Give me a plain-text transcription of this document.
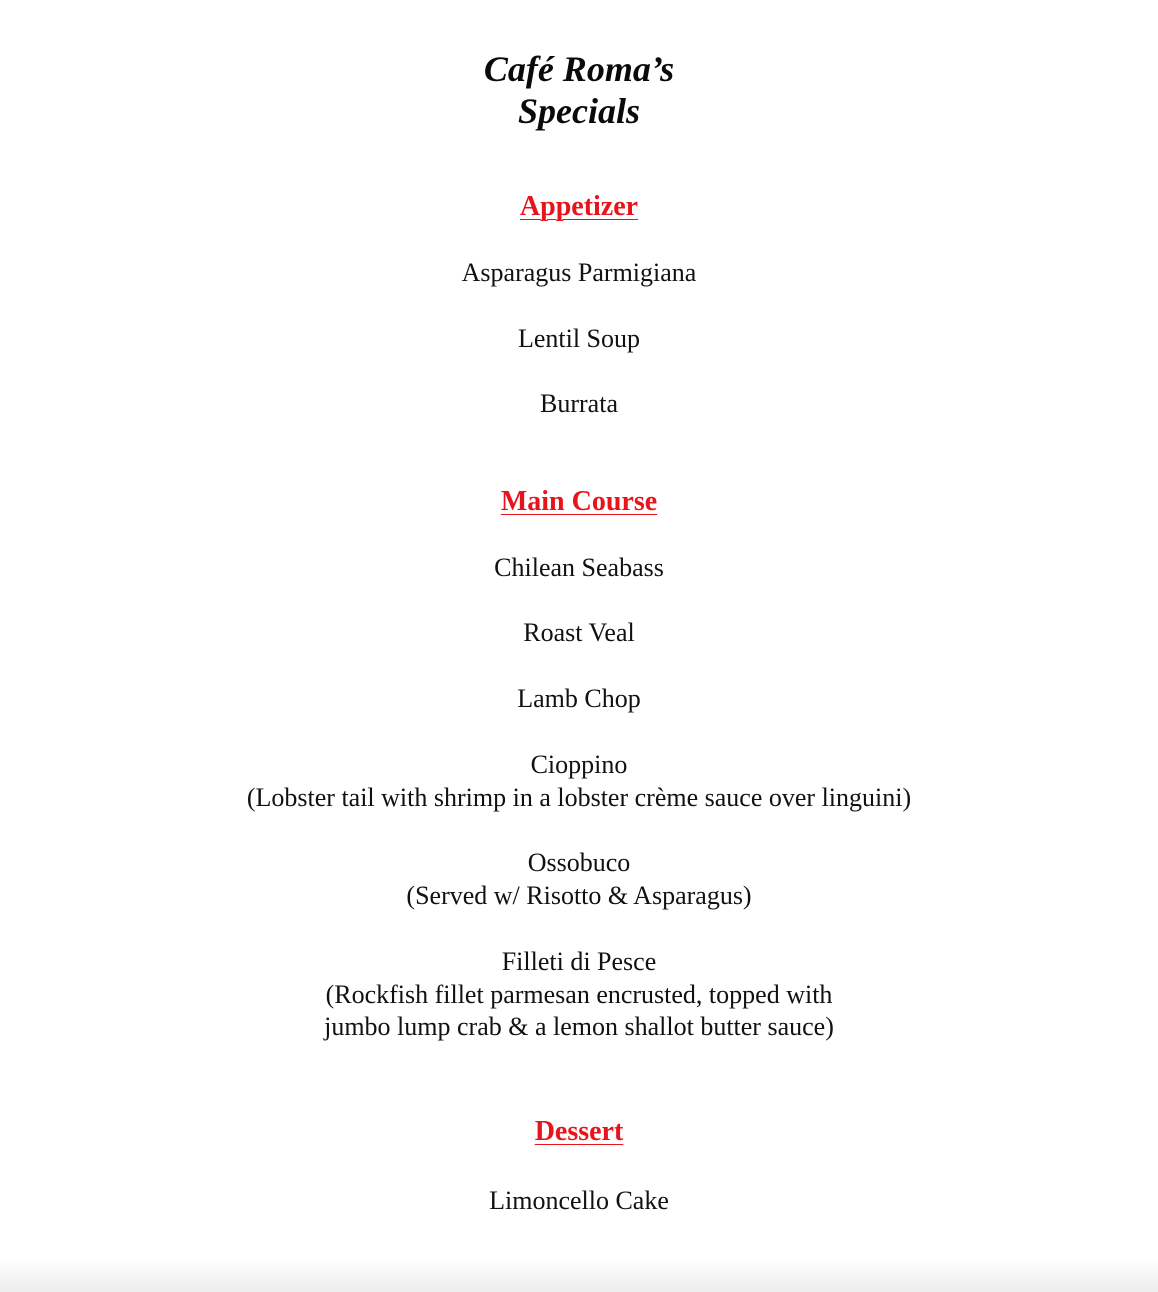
Café Roma’s
Specials
Appetizer
Asparagus Parmigiana
Lentil Soup
Burrata
Main Course
Chilean Seabass
Roast Veal
Lamb Chop
Cioppino
(Lobster tail with shrimp in a lobster crème sauce over linguini)
Ossobuco
(Served w/ Risotto & Asparagus)
Filleti di Pesce
(Rockfish fillet parmesan encrusted, topped with
jumbo lump crab & a lemon shallot butter sauce)
Dessert
Limoncello Cake
